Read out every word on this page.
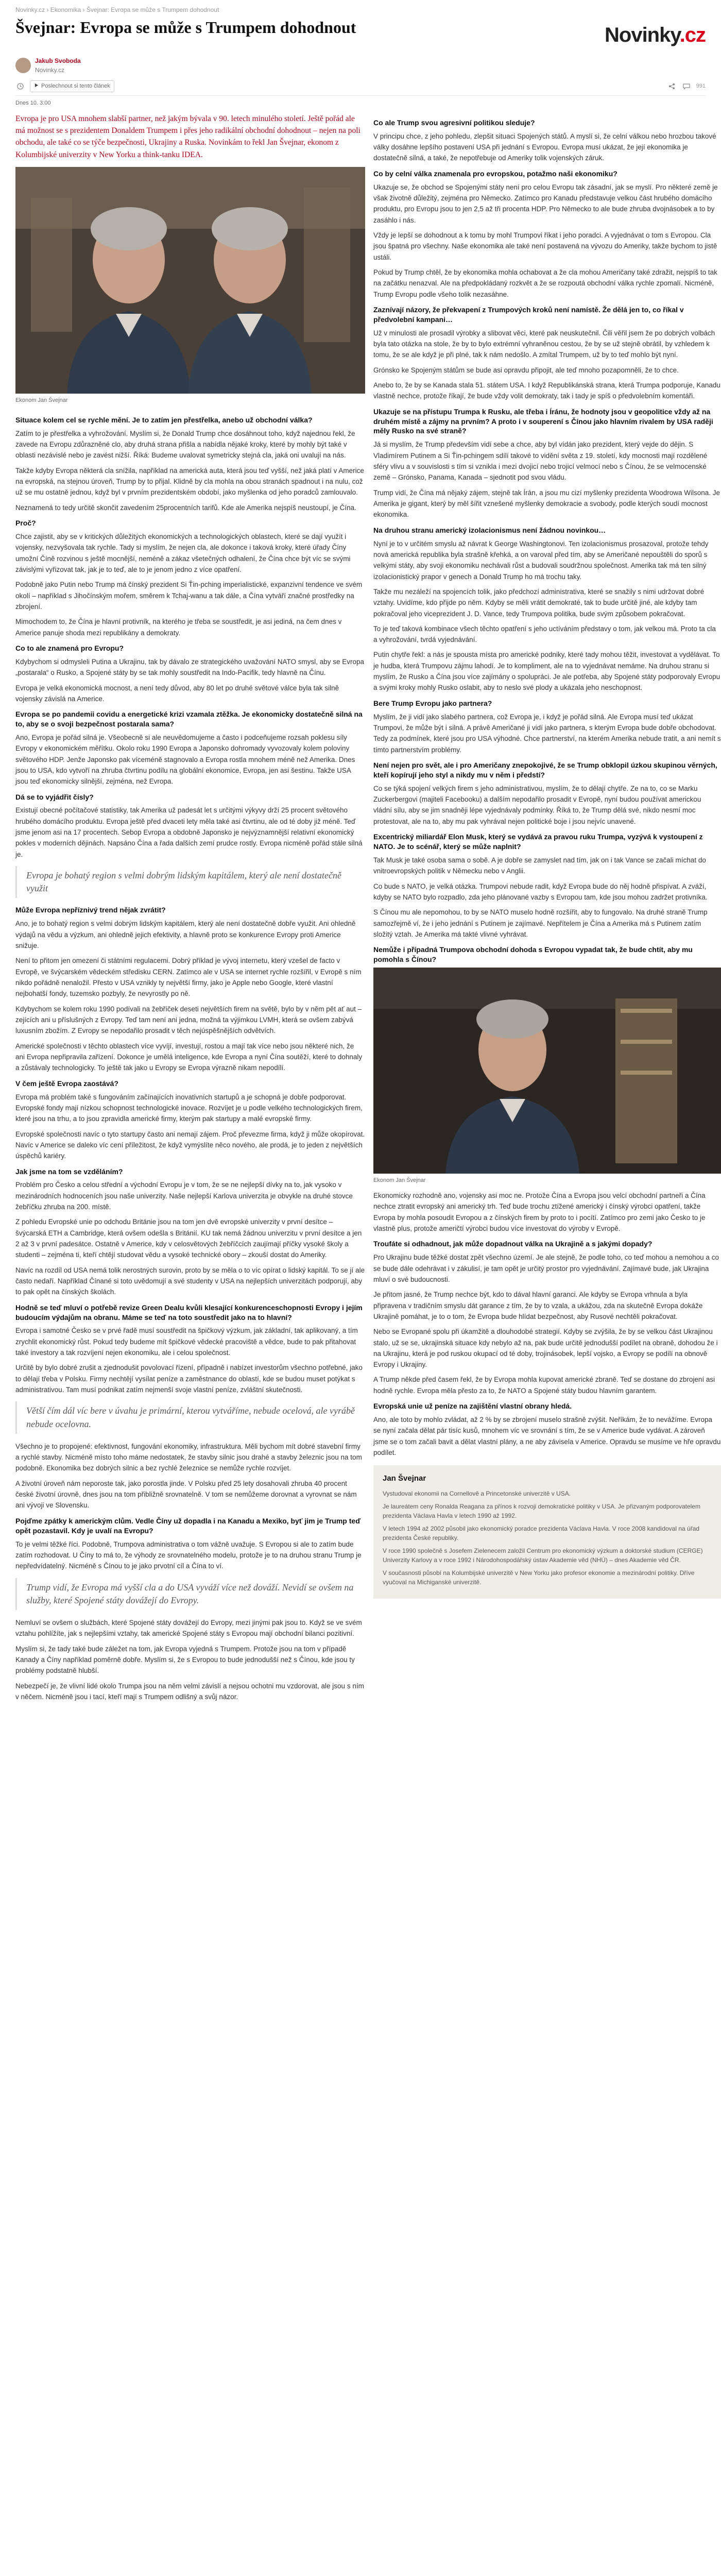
Novinky.cz › Ekonomika › Švejnar: Evropa se může s Trumpem dohodnout
Švejnar: Evropa se může s Trumpem dohodnout	Novinky.cz
Jakub Svoboda
Novinky.cz
Poslechnout si tento článek	991
Dnes 10. 3:00

Evropa je pro USA mnohem slabší partner, než jakým bývala v 90. letech minulého století. Ještě pořád ale má možnost se s prezidentem Donaldem Trumpem i přes jeho radikální obchodní dohodnout – nejen na poli obchodu, ale také co se týče bezpečnosti, Ukrajiny a Ruska. Novinkám to řekl Jan Švejnar, ekonom z Kolumbijské univerzity v New Yorku a think-tanku IDEA.

Ekonom Jan Švejnar
Situace kolem cel se rychle mění. Je to zatím jen přestřelka, anebo už obchodní válka?

Zatím to je přestřelka a vyhrožování. Myslím si, že Donald Trump chce dosáhnout toho, když najednou řekl, že zavede na Evropu zdůrazněné clo, aby druhá strana přišla a nabídla nějaké kroky, které by mohly být také v oblasti nezávislé nebo je zavést nižší. Říká: Budeme uvalovat symetricky stejná cla, jaká oni uvalují na nás.

Takže kdyby Evropa některá cla snížila, například na americká auta, která jsou teď vyšší, než jaká platí v Americe na evropská, na stejnou úroveň, Trump by to přijal. Klidně by cla mohla na obou stranách spadnout i na nulu, což už se mu ostatně jednou, když byl v prvním prezidentském období, jako myšlenka od jeho poradců zamlouvalo.

Neznamená to tedy určitě skončit zavedením 25procentních tarifů. Kde ale Amerika nejspíš neustoupí, je Čína.

Proč?

Chce zajistit, aby se v kritických důležitých ekonomických a technologických oblastech, které se dají využít i vojensky, nezvyšovala tak rychle. Tady si myslím, že nejen cla, ale dokonce i taková kroky, které úřady Číny umožní Číně rozvinou s ještě mocnější, neméně a zákaz všetečných odhalení, že Čína chce být víc se svými závislými vyřizovat tak, jak je to teď, ale to je jenom jedno z více opatření.

Podobně jako Putin nebo Trump má čínský prezident Si Ťin-pching imperialistické, expanzivní tendence ve svém okolí – například s Jihočínským mořem, směrem k Tchaj-wanu a tak dále, a Čína vytváří značné prostředky na zbrojení.

Mimochodem to, že Čína je hlavní protivník, na kterého je třeba se soustředit, je asi jediná, na čem dnes v Americe panuje shoda mezi republikány a demokraty.

Co to ale znamená pro Evropu?

Kdybychom si odmysleli Putina a Ukrajinu, tak by dávalo ze strategického uvažování NATO smysl, aby se Evropa „postarala“ o Rusko, a Spojené státy by se tak mohly soustředit na Indo-Pacifik, tedy hlavně na Čínu.

Evropa je velká ekonomická mocnost, a není tedy důvod, aby 80 let po druhé světové válce byla tak silně vojensky závislá na Americe.

Evropa se po pandemii covidu a energetické krizi vzamala ztěžka. Je ekonomicky dostatečně silná na to, aby se o svoji bezpečnost postarala sama?

Ano, Evropa je pořád silná je. Všeobecně si ale neuvědomujeme a často i podceňujeme rozsah poklesu síly Evropy v ekonomickém měřítku. Okolo roku 1990 Evropa a Japonsko dohromady vyvozovaly kolem poloviny světového HDP. Jenže Japonsko pak víceméně stagnovalo a Evropa rostla mnohem méně než Amerika. Dnes jsou to USA, kdo vytvoří na zhruba čtvrtinu podílu na globální ekonomice, Evropa, jen asi šestinu. Takže USA jsou teď ekonomicky silnější, zejména, než Evropa.

Dá se to vyjádřit čísly?

Existují obecné počítačové statistiky, tak Amerika už padesát let s určitými výkyvy drží 25 procent světového hrubého domácího produktu. Evropa ještě před dvaceti lety měla také asi čtvrtinu, ale od té doby již méně. Teď jsme jenom asi na 17 procentech. Sebop Evropa a obdobně Japonsko je nejvýznamnější relativní ekonomický pokles v moderních dějinách. Napsáno Čína a řada dalších zemí prudce rostly. Evropa nicméně pořád stále silná je.

Evropa je bohatý region s velmi dobrým lidským kapitálem, který ale není dostatečně využit
Může Evropa nepříznivý trend nějak zvrátit?

Ano, je to bohatý region s velmi dobrým lidským kapitálem, který ale není dostatečně dobře využit. Ani ohledně výdajů na vědu a výzkum, ani ohledně jejich efektivity, a hlavně proto se konkurence Evropy proti Americe snižuje.

Není to přitom jen omezení či státními regulacemi. Dobrý příklad je vývoj internetu, který vzešel de facto v Evropě, ve švýcarském vědeckém středisku CERN. Zatímco ale v USA se internet rychle rozšířil, v Evropě s ním nikdo pořádně nenaložil. Přesto v USA vznikly ty největší firmy, jako je Apple nebo Google, které vlastní nejbohatší fondy, tuzemsko pozbyly, že nevyrostly po ně.

Kdybychom se kolem roku 1990 podívali na žebříček deseti největších firem na světě, bylo by v něm pět ať aut – zejících ani u příslušných z Evropy. Teď tam není ani jedna, možná ta výjimkou LVMH, která se ovšem zabývá luxusním zbožím. Z Evropy se nepodařilo prosadit v těch nejúspěšnějších odvětvích.

Americké společnosti v těchto oblastech více vyvíjí, investují, rostou a mají tak více nebo jsou některé nich, že ani Evropa nepřipravila zařízení. Dokonce je umělá inteligence, kde Evropa a nyní Čína soutěží, které to dohnaly a zůstávaly technologicky. To ještě tak jako u Evropy se Evropa výrazně nikam nepodílí.

V čem ještě Evropa zaostává?

Evropa má problém také s fungováním začínajících inovativních startupů a je schopná je dobře podporovat. Evropské fondy mají nízkou schopnost technologické inovace. Rozvíjet je u podle velkého technologických firem, které jsou na trhu, a to jsou zpravidla americké firmy, kterým pak startupy a malé evropské firmy.

Evropské společnosti navíc o tyto startupy často ani nemají zájem. Proč převezme firma, když ji může okopírovat. Navíc v Americe se daleko víc cení příležitost, že když vymýslíte něco nového, ale prodá, je to jeden z největších úspěchů kariéry.

Jak jsme na tom se vzděláním?

Problém pro Česko a celou střední a východní Evropu je v tom, že se ne nejlepší dívky na to, jak vysoko v mezinárodních hodnoceních jsou naše univerzity. Naše nejlepší Karlova univerzita je obvykle na druhé stovce žebříčku zhruba na 200. místě.

Z pohledu Evropské unie po odchodu Británie jsou na tom jen dvě evropské univerzity v první desítce – švýcarská ETH a Cambridge, která ovšem odešla s Británií. KU tak nemá žádnou univerzitu v první desítce a jen 2 až 3 v první padesátce. Ostatně v Americe, kdy v celosvětových žebříčcích zaujímají příčky vysoké školy a studenti – zejména ti, kteří chtějí studovat vědu a vysoké technické obory – zkouší dostat do Ameriky.

Navíc na rozdíl od USA nemá tolik nerostných surovin, proto by se měla o to víc opírat o lidský kapitál. To se jí ale často nedaří. Například Čínané si toto uvědomují a své studenty v USA na nejlepších univerzitách podporují, aby to pak opět na čínských školách.

Hodně se teď mluví o potřebě revize Green Dealu kvůli klesající konkurenceschopnosti Evropy i jejím budoucím výdajům na obranu. Máme se teď na toto soustředit jako na to hlavní?

Evropa i samotné Česko se v prvé řadě musí soustředit na špičkový výzkum, jak základní, tak aplikovaný, a tím zrychlit ekonomický růst. Pokud tedy budeme mít špičkové vědecké pracoviště a vědce, bude to pak přitahovat také investory a tak rozvíjení nejen ekonomiku, ale i celou společnost.

Určitě by bylo dobré zrušit a zjednodušit povolovací řízení, případně i nabízet investorům všechno potřebné, jako to dělají třeba v Polsku. Firmy nechtějí vysílat peníze a zaměstnance do oblastí, kde se budou muset potýkat s administrativou. Tam musí podnikat zatím nejmenší svoje vlastní peníze, zvláštní skutečnosti.

Větší čím dál víc bere v úvahu je primární, kterou vytváříme, nebude ocelová, ale vyrábě nebude ocelovna.

Všechno je to propojené: efektivnost, fungování ekonomiky, infrastruktura. Měli bychom mít dobré stavební firmy a rychlé stavby. Nicméně místo toho máme nedostatek, že stavby silnic jsou drahé a stavby železnic jsou na tom podobně. Ekonomika bez dobrých silnic a bez rychlé železnice se nemůže rychle rozvíjet.

A životní úroveň nám neporoste tak, jako porostla jinde. V Polsku před 25 lety dosahovali zhruba 40 procent české životní úrovně, dnes jsou na tom přibližně srovnatelně. V tom se nemůžeme dorovnat a vyrovnat se nám ani vývoji ve Slovensku.

Pojďme zpátky k americkým clům. Vedle Číny už dopadla i na Kanadu a Mexiko, byť jim je Trump teď opět pozastavil. Kdy je uvalí na Evropu?

To je velmi těžké říci. Podobně, Trumpova administrativa o tom vážně uvažuje. S Evropou si ale to zatím bude zatím rozhodovat. U Číny to má to, že výhody ze srovnatelného modelu, protože je to na druhou stranu Trump je nepředvídatelný. Nicméně s Čínou to je jako prvotní cíl a Čína to ví.

Trump vidí, že Evropa má vyšší cla a do USA vyváží více než dováží. Nevidí se ovšem na služby, které Spojené státy dovážejí do Evropy.

Nemluví se ovšem o službách, které Spojené státy dovážejí do Evropy, mezi jinými pak jsou to. Když se ve svém vztahu pohlížíte, jak s nejlepšími vztahy, tak americké Spojené státy s Evropou mají obchodní bilanci pozitivní.

Myslím si, že tady také bude záležet na tom, jak Evropa vyjedná s Trumpem. Protože jsou na tom v případě Kanady a Číny například poměrně dobře. Myslím si, že s Evropou to bude jednodušší než s Čínou, kde jsou ty problémy podstatně hlubší.

Nebezpečí je, že vlivní lidé okolo Trumpa jsou na něm velmi závislí a nejsou ochotni mu vzdorovat, ale jsou s ním v něčem. Nicméně jsou i tací, kteří mají s Trumpem odlišný a svůj názor.

Co ale Trump svou agresivní politikou sleduje?

V principu chce, z jeho pohledu, zlepšit situaci Spojených států. A myslí si, že celní válkou nebo hrozbou takové války dosáhne lepšího postavení USA při jednání s Evropou. Evropa musí ukázat, že její ekonomika je dostatečně silná, a také, že nepotřebuje od Ameriky tolik vojenských záruk.

Co by celní válka znamenala pro evropskou, potažmo naši ekonomiku?

Ukazuje se, že obchod se Spojenými státy není pro celou Evropu tak zásadní, jak se myslí. Pro některé země je však životně důležitý, zejména pro Německo. Zatímco pro Kanadu představuje velkou část hrubého domácího produktu, pro Evropu jsou to jen 2,5 až tři procenta HDP. Pro Německo to ale bude zhruba dvojnásobek a to by zasáhlo i nás.

Vždy je lepší se dohodnout a k tomu by mohl Trumpovi říkat i jeho poradci. A vyjednávat o tom s Evropou. Cla jsou špatná pro všechny. Naše ekonomika ale také není postavená na vývozu do Ameriky, takže bychom to jistě ustáli.

Pokud by Trump chtěl, že by ekonomika mohla ochabovat a že cla mohou Američany také zdražit, nejspíš to tak na začátku nenazval. Ale na předpokládaný rozkvět a že se rozpoutá obchodní válka rychle zpomalí. Nicméně, Trump Evropu podle všeho tolik nezasáhne.

Zaznívají názory, že překvapení z Trumpových kroků není namístě. Že dělá jen to, co říkal v předvolební kampani…

Už v minulosti ale prosadil výrobky a slibovat věci, které pak neuskutečnil. Čili věřil jsem že po dobrých volbách byla tato otázka na stole, že by to bylo extrémní vyhraněnou cestou, že by se už stejně obrátil, by vzhledem k tomu, že se ale když je při plné, tak k nám nedošlo. A zmítal Trumpem, už by to teď mohlo být nyní.

Grónsko ke Spojeným státům se bude asi opravdu připojit, ale teď mnoho pozapomněli, že to chce.

Anebo to, že by se Kanada stala 51. státem USA. I když Republikánská strana, která Trumpa podporuje, Kanadu vlastně nechce, protože říkají, že bude vždy volit demokraty, tak i tady je spíš o předvolebním komentáři.

Ukazuje se na přístupu Trumpa k Rusku, ale třeba i Íránu, že hodnoty jsou v geopolitice vždy až na druhém místě a zájmy na prvním? A proto i v souperení s Čínou jako hlavním rivalem by USA raději měly Rusko na své straně?

Já si myslím, že Trump především vidí sebe a chce, aby byl vídán jako prezident, který vejde do dějin. S Vladimírem Putinem a Si Ťin-pchingem sdílí takové to vidění světa z 19. století, kdy mocnosti mají rozdělené sféry vlivu a v souvislosti s tím si vznikla i mezi dvojicí nebo trojicí velmocí nebo s Čínou, že se velmocenské země – Grónsko, Panama, Kanada – sjednotit pod svou vládu.

Trump vidí, že Čína má nějaký zájem, stejně tak Írán, a jsou mu cizí myšlenky prezidenta Woodrowa Wilsona. Je Amerika je gigant, který by měl šířit vznešené myšlenky demokracie a svobody, podle kterých soudí mocnost ekonomika.

Na druhou stranu americký izolacionismus není žádnou novinkou…

Nyní je to v určitém smyslu až návrat k George Washingtonovi. Ten izolacionismus prosazoval, protože tehdy nová americká republika byla strašně křehká, a on varoval před tím, aby se Američané nepouštěli do sporů s velkými státy, aby svoji ekonomiku nechávali růst a budovali soudržnou společnost. Amerika tak má ten silný izolacionistický prapor v genech a Donald Trump ho má trochu taky.

Takže mu nezáleží na spojencích tolik, jako předchozí administrativa, které se snažily s nimi udržovat dobré vztahy. Uvidíme, kdo přijde po něm. Kdyby se měli vrátit demokraté, tak to bude určitě jiné, ale kdyby tam pokračoval jeho viceprezident J. D. Vance, tedy Trumpova politika, bude svým způsobem pokračovat.

To je teď taková kombinace všech těchto opatření s jeho uctíváním představy o tom, jak velkou má. Proto ta cla a vyhrožování, tvrdá vyjednávání.

Putin chytře řekl: a nás je spousta místa pro americké podniky, které tady mohou těžit, investovat a vydělávat. To je hudba, která Trumpovu zájmu lahodí. Je to kompliment, ale na to vyjednávat nemáme. Na druhou stranu si myslím, že Rusko a Čína jsou více zajímány o spolupráci. Je ale potřeba, aby Spojené státy podporovaly Evropu a svými kroky mohly Rusko oslabit, aby to neslo své plody a ukázala jeho neschopnost.

Bere Trump Evropu jako partnera?

Myslím, že ji vidí jako slabého partnera, což Evropa je, i když je pořád silná. Ale Evropa musí teď ukázat Trumpovi, že může být i silná. A právě Američané ji vidí jako partnera, s kterým Evropa bude dobře obchodovat. Tedy za podmínek, které jsou pro USA výhodné. Chce partnerství, na kterém Amerika nebude tratit, a ani nemít s tímto partnerstvím problémy.

Není nejen pro svět, ale i pro Američany znepokojivé, že se Trump obklopil úzkou skupinou věrných, kteří kopírují jeho styl a nikdy mu v něm i předstí?

Co se týká spojení velkých firem s jeho administrativou, myslím, že to dělají chytře. Ze na to, co se Marku Zuckerbergovi (majiteli Facebooku) a dalším nepodařilo prosadit v Evropě, nyní budou používat americkou vládní sílu, aby se jim snadněji lépe vyjednávaly podmínky. Říká to, že Trump dělá své, nikdo nesmí moc protestovat, ale na to, aby mu pak vyhrával nejen politické boje i jsou nejvíc unavené.

Excentrický miliardář Elon Musk, který se vydává za pravou ruku Trumpa, vyzývá k vystoupení z NATO. Je to scénář, který se může naplnit?

Tak Musk je také osoba sama o sobě. A je dobře se zamyslet nad tím, jak on i tak Vance se začali míchat do vnitroevropských politik v Německu nebo v Anglii.

Co bude s NATO, je velká otázka. Trumpovi nebude radit, když Evropa bude do něj hodně přispívat. A zváží, kdyby se NATO bylo rozpadlo, zda jeho plánované vazby s Evropou tam, kde jsou mohou zadržet protivníka.

S Čínou mu ale nepomohou, to by se NATO muselo hodně rozšířit, aby to fungovalo. Na druhé straně Trump samozřejmě ví, že i jeho jednání s Putinem je zajímavé. Nepřítelem je Čína a Amerika má s Putinem zatím složitý vztah. Je Amerika má takté vlivné vyhrávat.

Nemůže i případná Trumpova obchodní dohoda s Evropou vypadat tak, že bude chtít, aby mu pomohla s Čínou?
Ekonom Jan Švejnar

Ekonomicky rozhodně ano, vojensky asi moc ne. Protože Čína a Evropa jsou velcí obchodní partneři a Čína nechce ztratit evropský ani americký trh. Teď bude trochu ztížené americký i čínský výrobci opatření, takže Evropa by mohla posoudit Evropou a z čínských firem by proto to i pocítí. Zatímco pro zemi jako Česko to je vlastně plus, protože američtí výrobci budou více investovat do výroby v Evropě.

Troufáte si odhadnout, jak může dopadnout válka na Ukrajině a s jakými dopady?

Pro Ukrajinu bude těžké dostat zpět všechno území. Je ale stejně, že podle toho, co teď mohou a nemohou a co se bude dále odehrávat i v zákulisí, je tam opět je určitý prostor pro vyjednávání. Zajímavé bude, jak Ukrajina mluví o své budoucnosti.

Je přitom jasné, že Trump nechce být, kdo to dával hlavní garanci. Ale kdyby se Evropa vrhnula a byla připravena v tradičním smyslu dát garance z tím, že by to vzala, a ukážou, zda na skutečně Evropa dokáže Ukrajině pomáhat, je to o tom, že Evropa bude hlídat bezpečnost, aby Rusové nechtěli pokračovat.

Nebo se Evropané spolu při úkamžitě a dlouhodobé strategií. Kdyby se zvýšila, že by se velkou část Ukrajinou stalo, už se se, ukrajinská situace kdy nebylo až na, pak bude určitě jednodušší podílet na obraně, dohodou že i na Ukrajinu, která je pod ruskou okupací od té doby, trojinásobek, lepší vojsko, a Evropy se podílí na obnově Evropy i Ukrajiny.

A Trump někde před časem řekl, že by Evropa mohla kupovat americké zbraně. Teď se dostane do zbrojení asi hodně rychle. Evropa měla přesto za to, že NATO a Spojené státy budou hlavním garantem.

Evropská unie už peníze na zajištění vlastní obrany hledá.

Ano, ale toto by mohlo zvládat, až 2 % by se zbrojení muselo strašně zvýšit. Neříkám, že to nevážíme. Evropa se nyní začala dělat pár tisíc kusů, mnohem víc ve srovnání s tím, že se v Americe bude vydávat. A zároveň jsme se o tom začali bavit a dělat vlastní plány, a ne aby závisela v Americe. Opravdu se musíme ve hře opravdu podílet.

Jan Švejnar

Vystudoval ekonomii na Cornellově a Princetonské univerzitě v USA.

Je laureátem ceny Ronalda Reagana za přínos k rozvoji demokratické politiky v USA. Je přizvaným podporovatelem prezidenta Václava Havla v letech 1990 až 1992.

V letech 1994 až 2002 působil jako ekonomický poradce prezidenta Václava Havla. V roce 2008 kandidoval na úřad prezidenta České republiky.

V roce 1990 společně s Josefem Zielenecem založil Centrum pro ekonomický výzkum a doktorské studium (CERGE) Univerzity Karlovy a v roce 1992 i Národohospodářský ústav Akademie věd (NHÚ) – dnes Akademie věd ČR.

V současnosti působí na Kolumbijské univerzitě v New Yorku jako profesor ekonomie a mezinárodní politiky. Dříve vyučoval na Michiganské univerzitě.
